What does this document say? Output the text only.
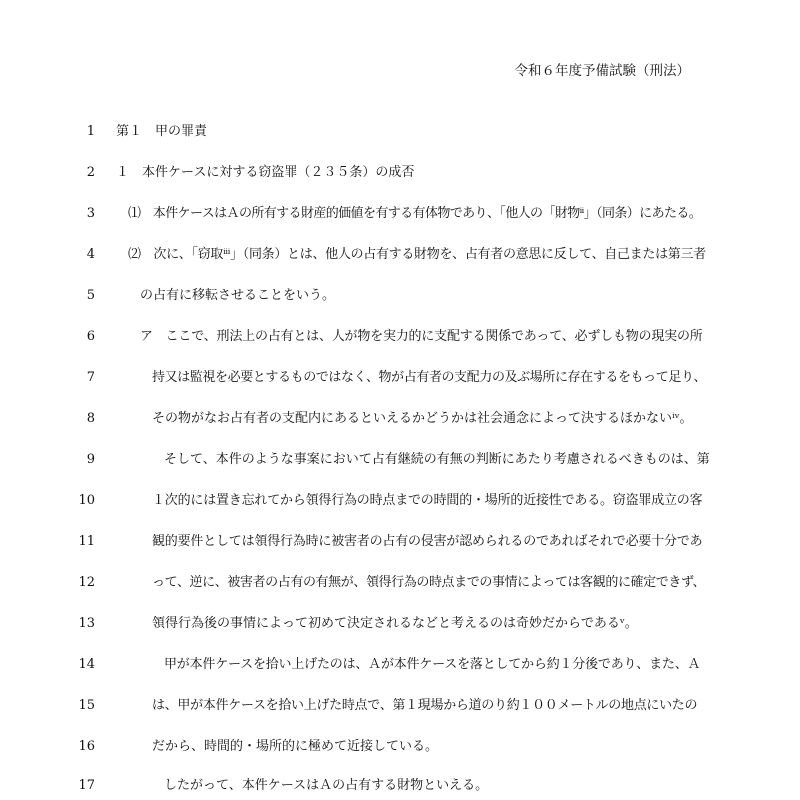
令和６年度予備試験（刑法）
1 第１　甲の罪責
2 １　本件ケースに対する窃盗罪（２３５条）の成否
3	⑴　本件ケースはＡの所有する財産的価値を有する有体物であり、「他人の「財物ⁱⁱ」（同条）にあたる。
4	⑵　次に、「窃取ⁱⁱⁱ」（同条）とは、他人の占有する財物を、占有者の意思に反して、自己または第三者
5	の占有に移転させることをいう。
6	ア　ここで、刑法上の占有とは、人が物を実力的に支配する関係であって、必ずしも物の現実の所
7	持又は監視を必要とするものではなく、物が占有者の支配力の及ぶ場所に存在するをもって足り、
8	その物がなお占有者の支配内にあるといえるかどうかは社会通念によって決するほかないⁱᵛ。
9	そして、本件のような事案において占有継続の有無の判断にあたり考慮されるべきものは、第
10	１次的には置き忘れてから領得行為の時点までの時間的・場所的近接性である。窃盗罪成立の客
11	観的要件としては領得行為時に被害者の占有の侵害が認められるのであればそれで必要十分であ
12	って、逆に、被害者の占有の有無が、領得行為の時点までの事情によっては客観的に確定できず、
13	領得行為後の事情によって初めて決定されるなどと考えるのは奇妙だからであるᵛ。
14	甲が本件ケースを拾い上げたのは、Ａが本件ケースを落としてから約１分後であり、また、Ａ
15	は、甲が本件ケースを拾い上げた時点で、第１現場から道のり約１００メートルの地点にいたの
16	だから、時間的・場所的に極めて近接している。
17	したがって、本件ケースはＡの占有する財物といえる。
